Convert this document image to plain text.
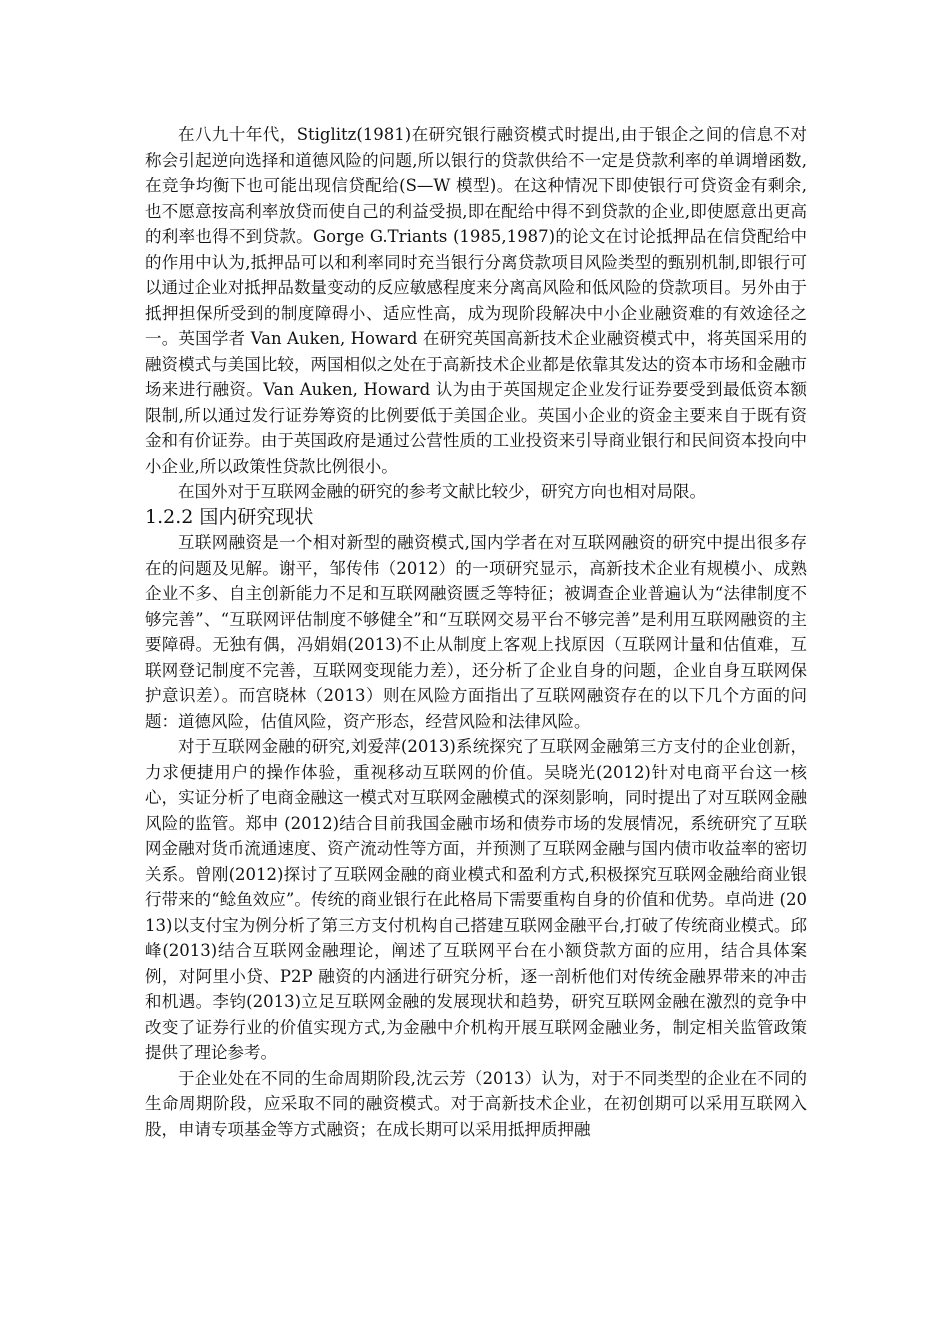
在八九十年代，Stiglitz(1981)在研究银行融资模式时提出,由于银企之间的信息不对称会引起逆向选择和道德风险的问题,所以银行的贷款供给不一定是贷款利率的单调增函数,在竞争均衡下也可能出现信贷配给(S—W 模型)。在这种情况下即使银行可贷资金有剩余,也不愿意按高利率放贷而使自己的利益受损,即在配给中得不到贷款的企业,即使愿意出更高的利率也得不到贷款。Gorge G.Triants (1985,1987)的论文在讨论抵押品在信贷配给中的作用中认为,抵押品可以和利率同时充当银行分离贷款项目风险类型的甄别机制,即银行可以通过企业对抵押品数量变动的反应敏感程度来分离高风险和低风险的贷款项目。另外由于抵押担保所受到的制度障碍小、适应性高，成为现阶段解决中小企业融资难的有效途径之一。英国学者 Van Auken, Howard 在研究英国高新技术企业融资模式中，将英国采用的融资模式与美国比较，两国相似之处在于高新技术企业都是依靠其发达的资本市场和金融市场来进行融资。Van Auken, Howard 认为由于英国规定企业发行证券要受到最低资本额限制,所以通过发行证券筹资的比例要低于美国企业。英国小企业的资金主要来自于既有资金和有价证券。由于英国政府是通过公营性质的工业投资来引导商业银行和民间资本投向中小企业,所以政策性贷款比例很小。

在国外对于互联网金融的研究的参考文献比较少，研究方向也相对局限。

1.2.2 国内研究现状

互联网融资是一个相对新型的融资模式,国内学者在对互联网融资的研究中提出很多存在的问题及见解。谢平，邹传伟（2012）的一项研究显示，高新技术企业有规模小、成熟企业不多、自主创新能力不足和互联网融资匮乏等特征；被调查企业普遍认为“法律制度不够完善”、“互联网评估制度不够健全”和“互联网交易平台不够完善”是利用互联网融资的主要障碍。无独有偶，冯娟娟(2013)不止从制度上客观上找原因（互联网计量和估值难，互联网登记制度不完善，互联网变现能力差），还分析了企业自身的问题，企业自身互联网保护意识差）。而宫晓林（2013）则在风险方面指出了互联网融资存在的以下几个方面的问题：道德风险，估值风险，资产形态，经营风险和法律风险。

对于互联网金融的研究,刘爱萍(2013)系统探究了互联网金融第三方支付的企业创新，力求便捷用户的操作体验，重视移动互联网的价值。吴晓光(2012)针对电商平台这一核心，实证分析了电商金融这一模式对互联网金融模式的深刻影响，同时提出了对互联网金融风险的监管。郑申 (2012)结合目前我国金融市场和债券市场的发展情况，系统研究了互联网金融对货币流通速度、资产流动性等方面，并预测了互联网金融与国内债市收益率的密切关系。曾刚(2012)探讨了互联网金融的商业模式和盈利方式,积极探究互联网金融给商业银行带来的“鲶鱼效应”。传统的商业银行在此格局下需要重构自身的价值和优势。卓尚进 (2013)以支付宝为例分析了第三方支付机构自己搭建互联网金融平台,打破了传统商业模式。邱峰(2013)结合互联网金融理论，阐述了互联网平台在小额贷款方面的应用，结合具体案例，对阿里小贷、P2P 融资的内涵进行研究分析，逐一剖析他们对传统金融界带来的冲击和机遇。李钧(2013)立足互联网金融的发展现状和趋势，研究互联网金融在激烈的竞争中改变了证券行业的价值实现方式,为金融中介机构开展互联网金融业务，制定相关监管政策提供了理论参考。

于企业处在不同的生命周期阶段,沈云芳（2013）认为，对于不同类型的企业在不同的生命周期阶段，应采取不同的融资模式。对于高新技术企业，在初创期可以采用互联网入股，申请专项基金等方式融资；在成长期可以采用抵押质押融
